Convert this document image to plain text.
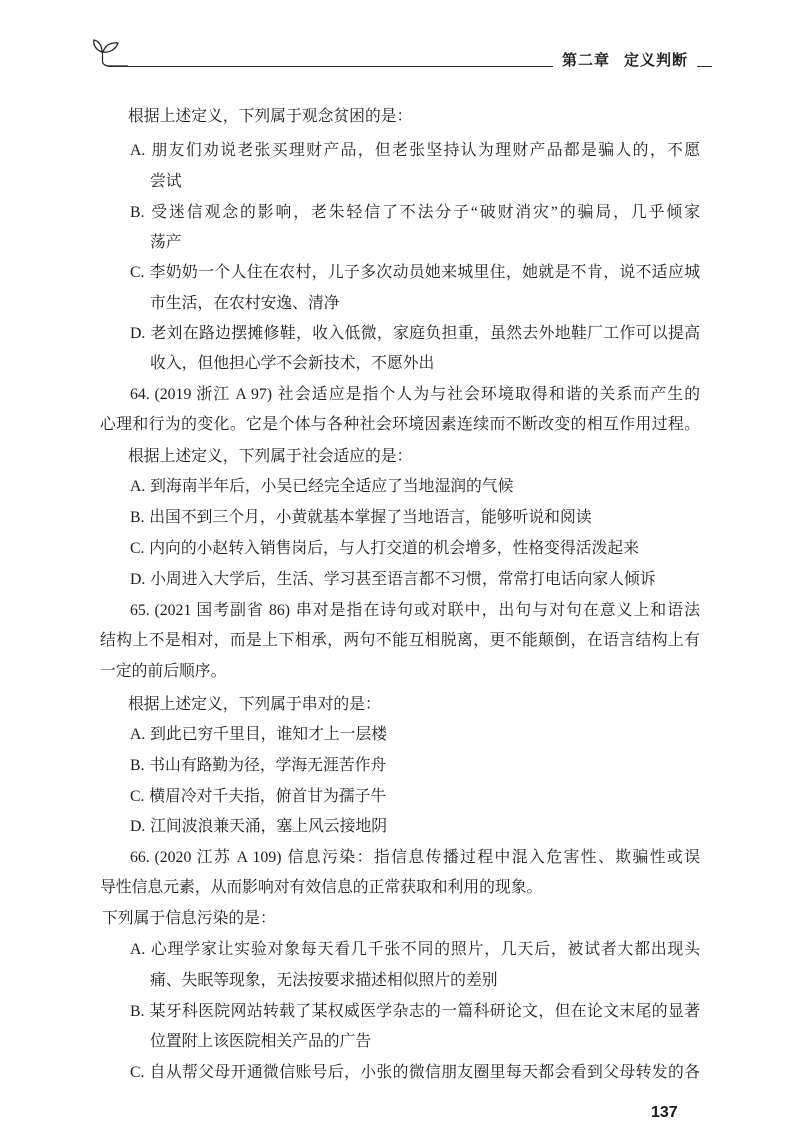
第二章 定义判断
根据上述定义，下列属于观念贫困的是：
A. 朋友们劝说老张买理财产品，但老张坚持认为理财产品都是骗人的，不愿
尝试
B. 受迷信观念的影响，老朱轻信了不法分子“破财消灾”的骗局，几乎倾家
荡产
C. 李奶奶一个人住在农村，儿子多次动员她来城里住，她就是不肯，说不适应城
市生活，在农村安逸、清净
D. 老刘在路边摆摊修鞋，收入低微，家庭负担重，虽然去外地鞋厂工作可以提高
收入，但他担心学不会新技术，不愿外出
64. (2019 浙江 A 97) 社会适应是指个人为与社会环境取得和谐的关系而产生的
心理和行为的变化。它是个体与各种社会环境因素连续而不断改变的相互作用过程。
根据上述定义，下列属于社会适应的是：
A. 到海南半年后，小吴已经完全适应了当地湿润的气候
B. 出国不到三个月，小黄就基本掌握了当地语言，能够听说和阅读
C. 内向的小赵转入销售岗后，与人打交道的机会增多，性格变得活泼起来
D. 小周进入大学后，生活、学习甚至语言都不习惯，常常打电话向家人倾诉
65. (2021 国考副省 86) 串对是指在诗句或对联中，出句与对句在意义上和语法
结构上不是相对，而是上下相承，两句不能互相脱离，更不能颠倒，在语言结构上有
一定的前后顺序。
根据上述定义，下列属于串对的是：
A. 到此已穷千里目，谁知才上一层楼
B. 书山有路勤为径，学海无涯苦作舟
C. 横眉冷对千夫指，俯首甘为孺子牛
D. 江间波浪兼天涌，塞上风云接地阴
66. (2020 江苏 A 109) 信息污染：指信息传播过程中混入危害性、欺骗性或误
导性信息元素，从而影响对有效信息的正常获取和利用的现象。
下列属于信息污染的是：
A. 心理学家让实验对象每天看几千张不同的照片，几天后，被试者大都出现头
痛、失眠等现象，无法按要求描述相似照片的差别
B. 某牙科医院网站转载了某权威医学杂志的一篇科研论文，但在论文末尾的显著
位置附上该医院相关产品的广告
C. 自从帮父母开通微信账号后，小张的微信朋友圈里每天都会看到父母转发的各
137
